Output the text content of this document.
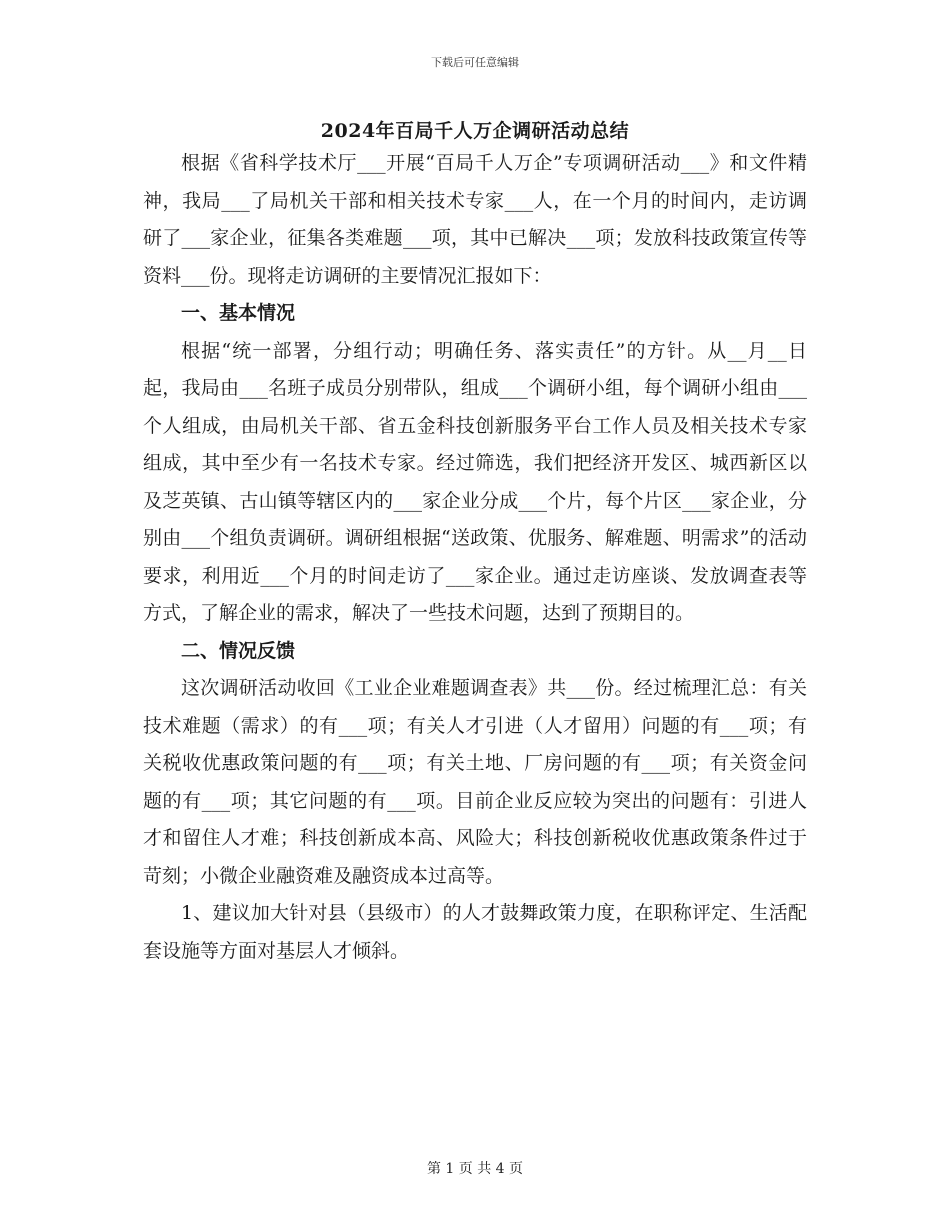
下载后可任意编辑
2024年百局千人万企调研活动总结

根据《省科学技术厅___开展“百局千人万企”专项调研活动___》和文件精神，我局___了局机关干部和相关技术专家___人，在一个月的时间内，走访调研了___家企业，征集各类难题___项，其中已解决___项；发放科技政策宣传等资料___份。现将走访调研的主要情况汇报如下：

一、基本情况

根据“统一部署，分组行动；明确任务、落实责任”的方针。从__月__日起，我局由___名班子成员分别带队，组成___个调研小组，每个调研小组由___个人组成，由局机关干部、省五金科技创新服务平台工作人员及相关技术专家组成，其中至少有一名技术专家。经过筛选，我们把经济开发区、城西新区以及芝英镇、古山镇等辖区内的___家企业分成___个片，每个片区___家企业，分别由___个组负责调研。调研组根据“送政策、优服务、解难题、明需求”的活动要求，利用近___个月的时间走访了___家企业。通过走访座谈、发放调查表等方式，了解企业的需求，解决了一些技术问题，达到了预期目的。

二、情况反馈

这次调研活动收回《工业企业难题调查表》共___份。经过梳理汇总：有关技术难题（需求）的有___项；有关人才引进（人才留用）问题的有___项；有关税收优惠政策问题的有___项；有关土地、厂房问题的有___项；有关资金问题的有___项；其它问题的有___项。目前企业反应较为突出的问题有：引进人才和留住人才难；科技创新成本高、风险大；科技创新税收优惠政策条件过于苛刻；小微企业融资难及融资成本过高等。

1、建议加大针对县（县级市）的人才鼓舞政策力度，在职称评定、生活配套设施等方面对基层人才倾斜。

第 1 页 共 4 页
